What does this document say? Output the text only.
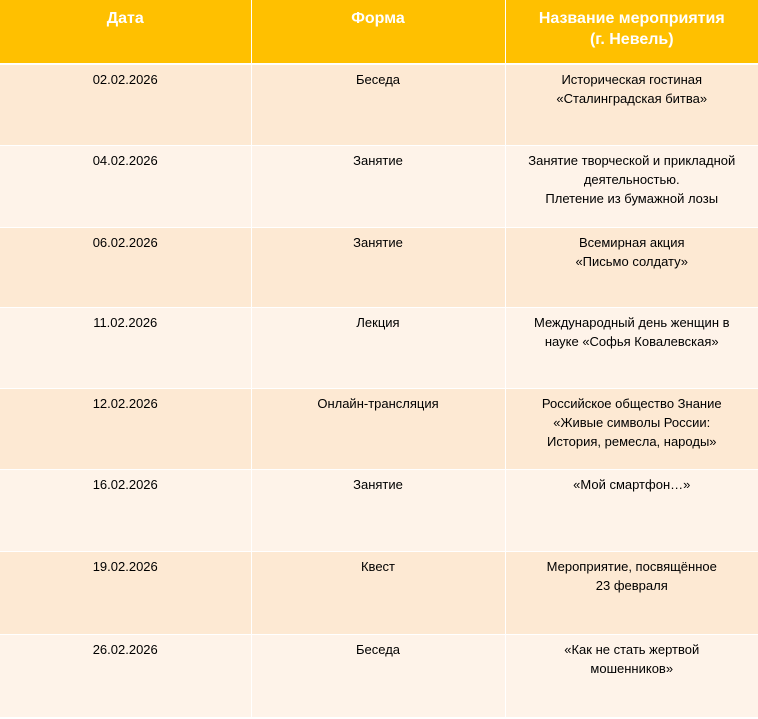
Дата	Форма	Название мероприятия
(г. Невель)

02.02.2026	Беседа	Историческая гостиная
«Сталинградская битва»

04.02.2026	Занятие	Занятие творческой и прикладной
деятельностью.
Плетение из бумажной лозы

06.02.2026	Занятие	Всемирная акция
«Письмо солдату»

11.02.2026	Лекция	Международный день женщин в
науке «Софья Ковалевская»

12.02.2026	Онлайн-трансляция	Российское общество Знание
«Живые символы России:
История, ремесла, народы»

16.02.2026	Занятие	«Мой смартфон…»

19.02.2026	Квест	Мероприятие, посвящённое
23 февраля

26.02.2026	Беседа	«Как не стать жертвой
мошенников»
